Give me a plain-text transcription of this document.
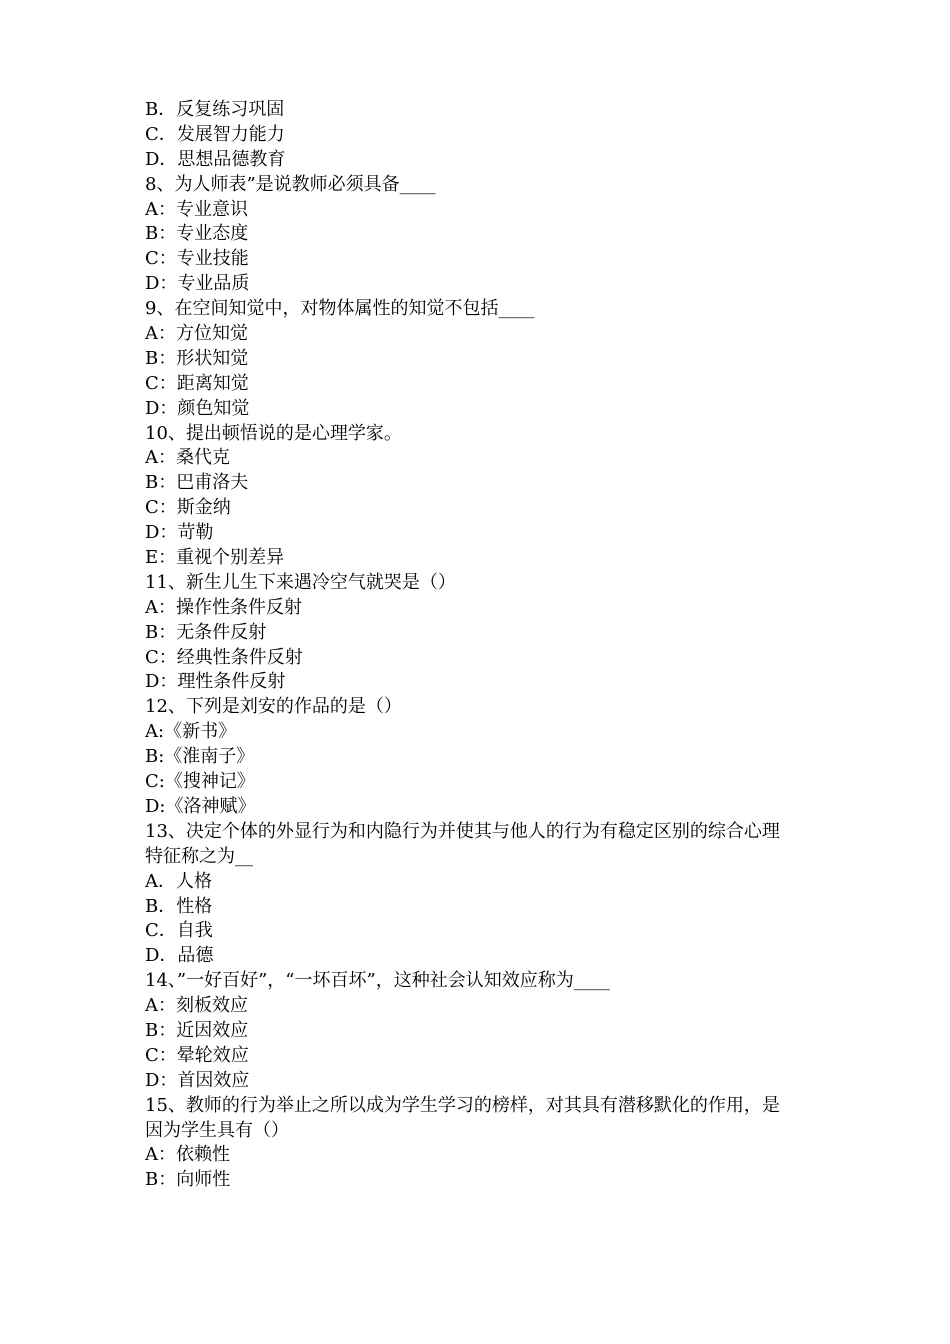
B．反复练习巩固
C．发展智力能力
D．思想品德教育
8、为人师表”是说教师必须具备____
A：专业意识
B：专业态度
C：专业技能
D：专业品质
9、在空间知觉中，对物体属性的知觉不包括____
A：方位知觉
B：形状知觉
C：距离知觉
D：颜色知觉
10、提出顿悟说的是心理学家。
A：桑代克
B：巴甫洛夫
C：斯金纳
D：苛勒
E：重视个别差异
11、新生儿生下来遇冷空气就哭是（）
A：操作性条件反射
B：无条件反射
C：经典性条件反射
D：理性条件反射
12、下列是刘安的作品的是（）
A:《新书》
B:《淮南子》
C:《搜神记》
D:《洛神赋》
13、决定个体的外显行为和内隐行为并使其与他人的行为有稳定区别的综合心理
特征称之为__
A．人格
B．性格
C．自我
D．品德
14、”一好百好”，“一坏百坏”，这种社会认知效应称为____
A：刻板效应
B：近因效应
C：晕轮效应
D：首因效应
15、教师的行为举止之所以成为学生学习的榜样，对其具有潜移默化的作用，是
因为学生具有（）
A：依赖性
B：向师性
